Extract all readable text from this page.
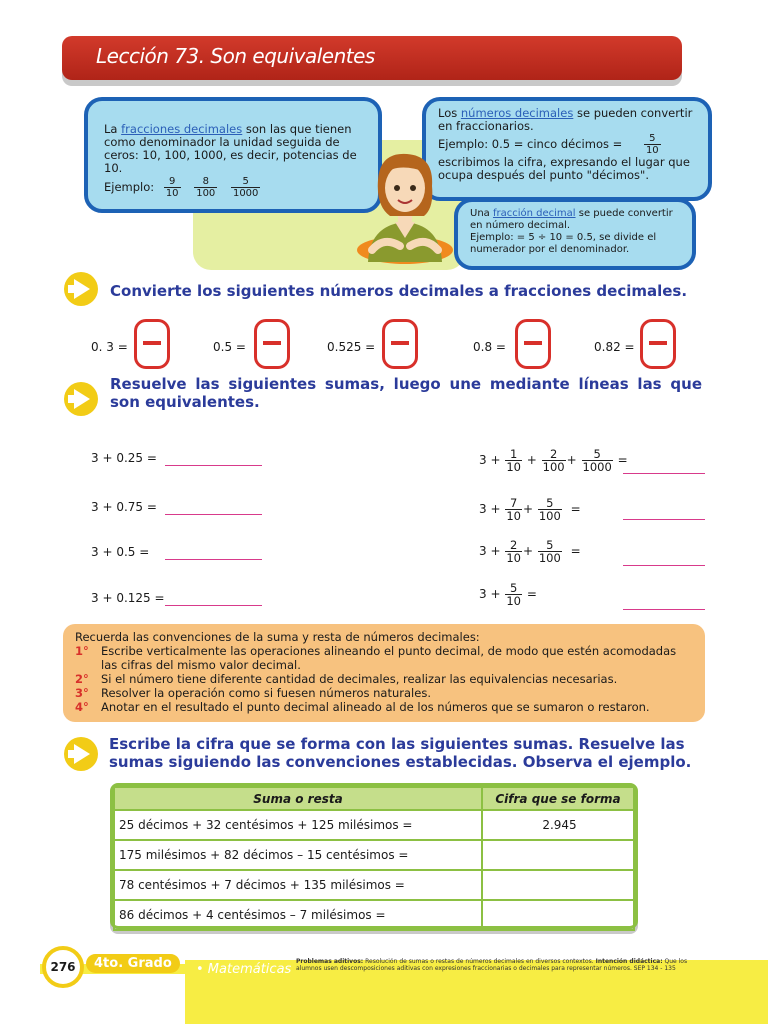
Lección 73. Son equivalentes
La fracciones decimales son las que tienen como denominador la unidad seguida de ceros: 10, 100, 1000, es decir, potencias de 10.
Ejemplo: $\frac{9}{10}$
$\frac{8}{100}$
$\frac{5}{1000}$
Los números decimales se pueden convertir en fraccionarios.
Ejemplo: 0.5 = cinco décimos = $\frac{5}{10}$
escribimos la cifra, expresando el lugar que ocupa después del punto "décimos".
Una fracción decimal se puede convertir en número decimal.
Ejemplo: = 5 ÷ 10 = 0.5, se divide el numerador por el denominador.
Convierte los siguientes números decimales a fracciones decimales.
0. 3 =	0.5 =	0.525 =	0.8 =	0.82 =
Resuelve las siguientes sumas, luego une mediante líneas las que son equivalentes.
3 + 0.25 =
3 + 0.75 =
3 + 0.5 =
3 + 0.125 =
$3 + \frac{1}{10} + \frac{2}{100} + \frac{5}{1000}$ =
$3 + \frac{7}{10} + \frac{5}{100}$ =
$3 + \frac{2}{10} + \frac{5}{100}$ =
$3 + \frac{5}{10}$ =
Recuerda las convenciones de la suma y resta de números decimales:
1°	Escribe verticalmente las operaciones alineando el punto decimal, de modo que estén acomodadas las cifras del mismo valor decimal.
2°	Si el número tiene diferente cantidad de decimales, realizar las equivalencias necesarias.
3°	Resolver la operación como si fuesen números naturales.
4°	Anotar en el resultado el punto decimal alineado al de los números que se sumaron o restaron.
Escribe la cifra que se forma con las siguientes sumas. Resuelve las sumas siguiendo las convenciones establecidas. Observa el ejemplo.
Suma o resta	Cifra que se forma
25 décimos + 32 centésimos + 125 milésimos =	2.945
175 milésimos + 82 décimos – 15 centésimos =	
78 centésimos + 7 décimos + 135 milésimos =	
86 décimos + 4 centésimos – 7 milésimos =	
276	4to. Grado	• Matemáticas
Problemas aditivos: Resolución de sumas o restas de números decimales en diversos contextos. Intención didáctica: Que los alumnos usen descomposiciones aditivas con expresiones fraccionarias o decimales para representar números. SEP 134 - 135
